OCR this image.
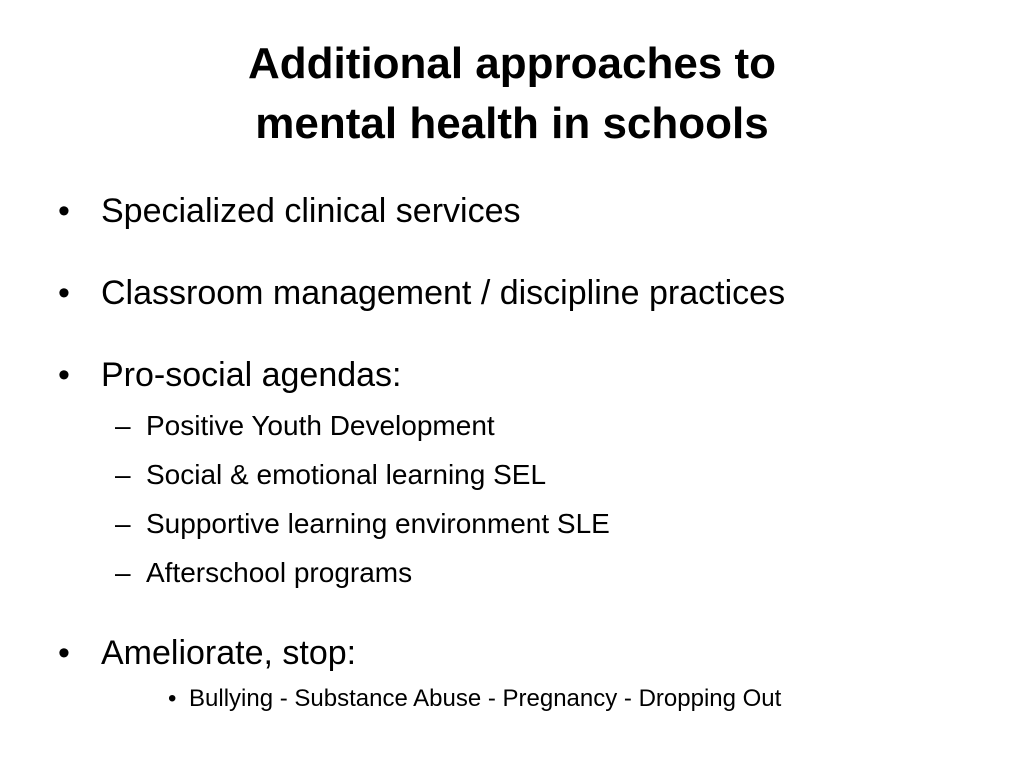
Additional approaches to
mental health in schools
• Specialized clinical services
• Classroom management / discipline practices
• Pro-social agendas:
– Positive Youth Development
– Social & emotional learning SEL
– Supportive learning environment SLE
– Afterschool programs
• Ameliorate, stop:
• Bullying - Substance Abuse - Pregnancy - Dropping Out
